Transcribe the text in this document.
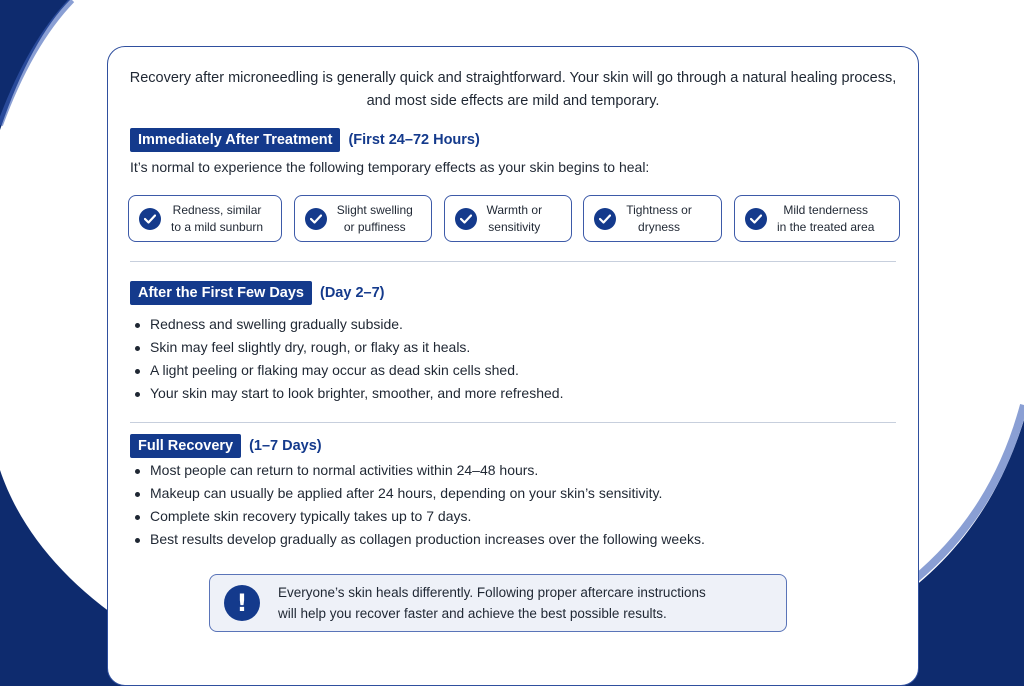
Recovery after microneedling is generally quick and straightforward. Your skin will go through a natural healing process, and most side effects are mild and temporary.

Immediately After Treatment	(First 24–72 Hours)

It’s normal to experience the following temporary effects as your skin begins to heal:

Redness, similar
to a mild sunburn
Slight swelling
or puffiness
Warmth or
sensitivity
Tightness or
dryness
Mild tenderness
in the treated area
After the First Few Days	(Day 2–7)
Redness and swelling gradually subside.
Skin may feel slightly dry, rough, or flaky as it heals.
A light peeling or flaking may occur as dead skin cells shed.
Your skin may start to look brighter, smoother, and more refreshed.
Full Recovery	(1–7 Days)
Most people can return to normal activities within 24–48 hours.
Makeup can usually be applied after 24 hours, depending on your skin’s sensitivity.
Complete skin recovery typically takes up to 7 days.
Best results develop gradually as collagen production increases over the following weeks.
!	Everyone’s skin heals differently. Following proper aftercare instructions
will help you recover faster and achieve the best possible results.
